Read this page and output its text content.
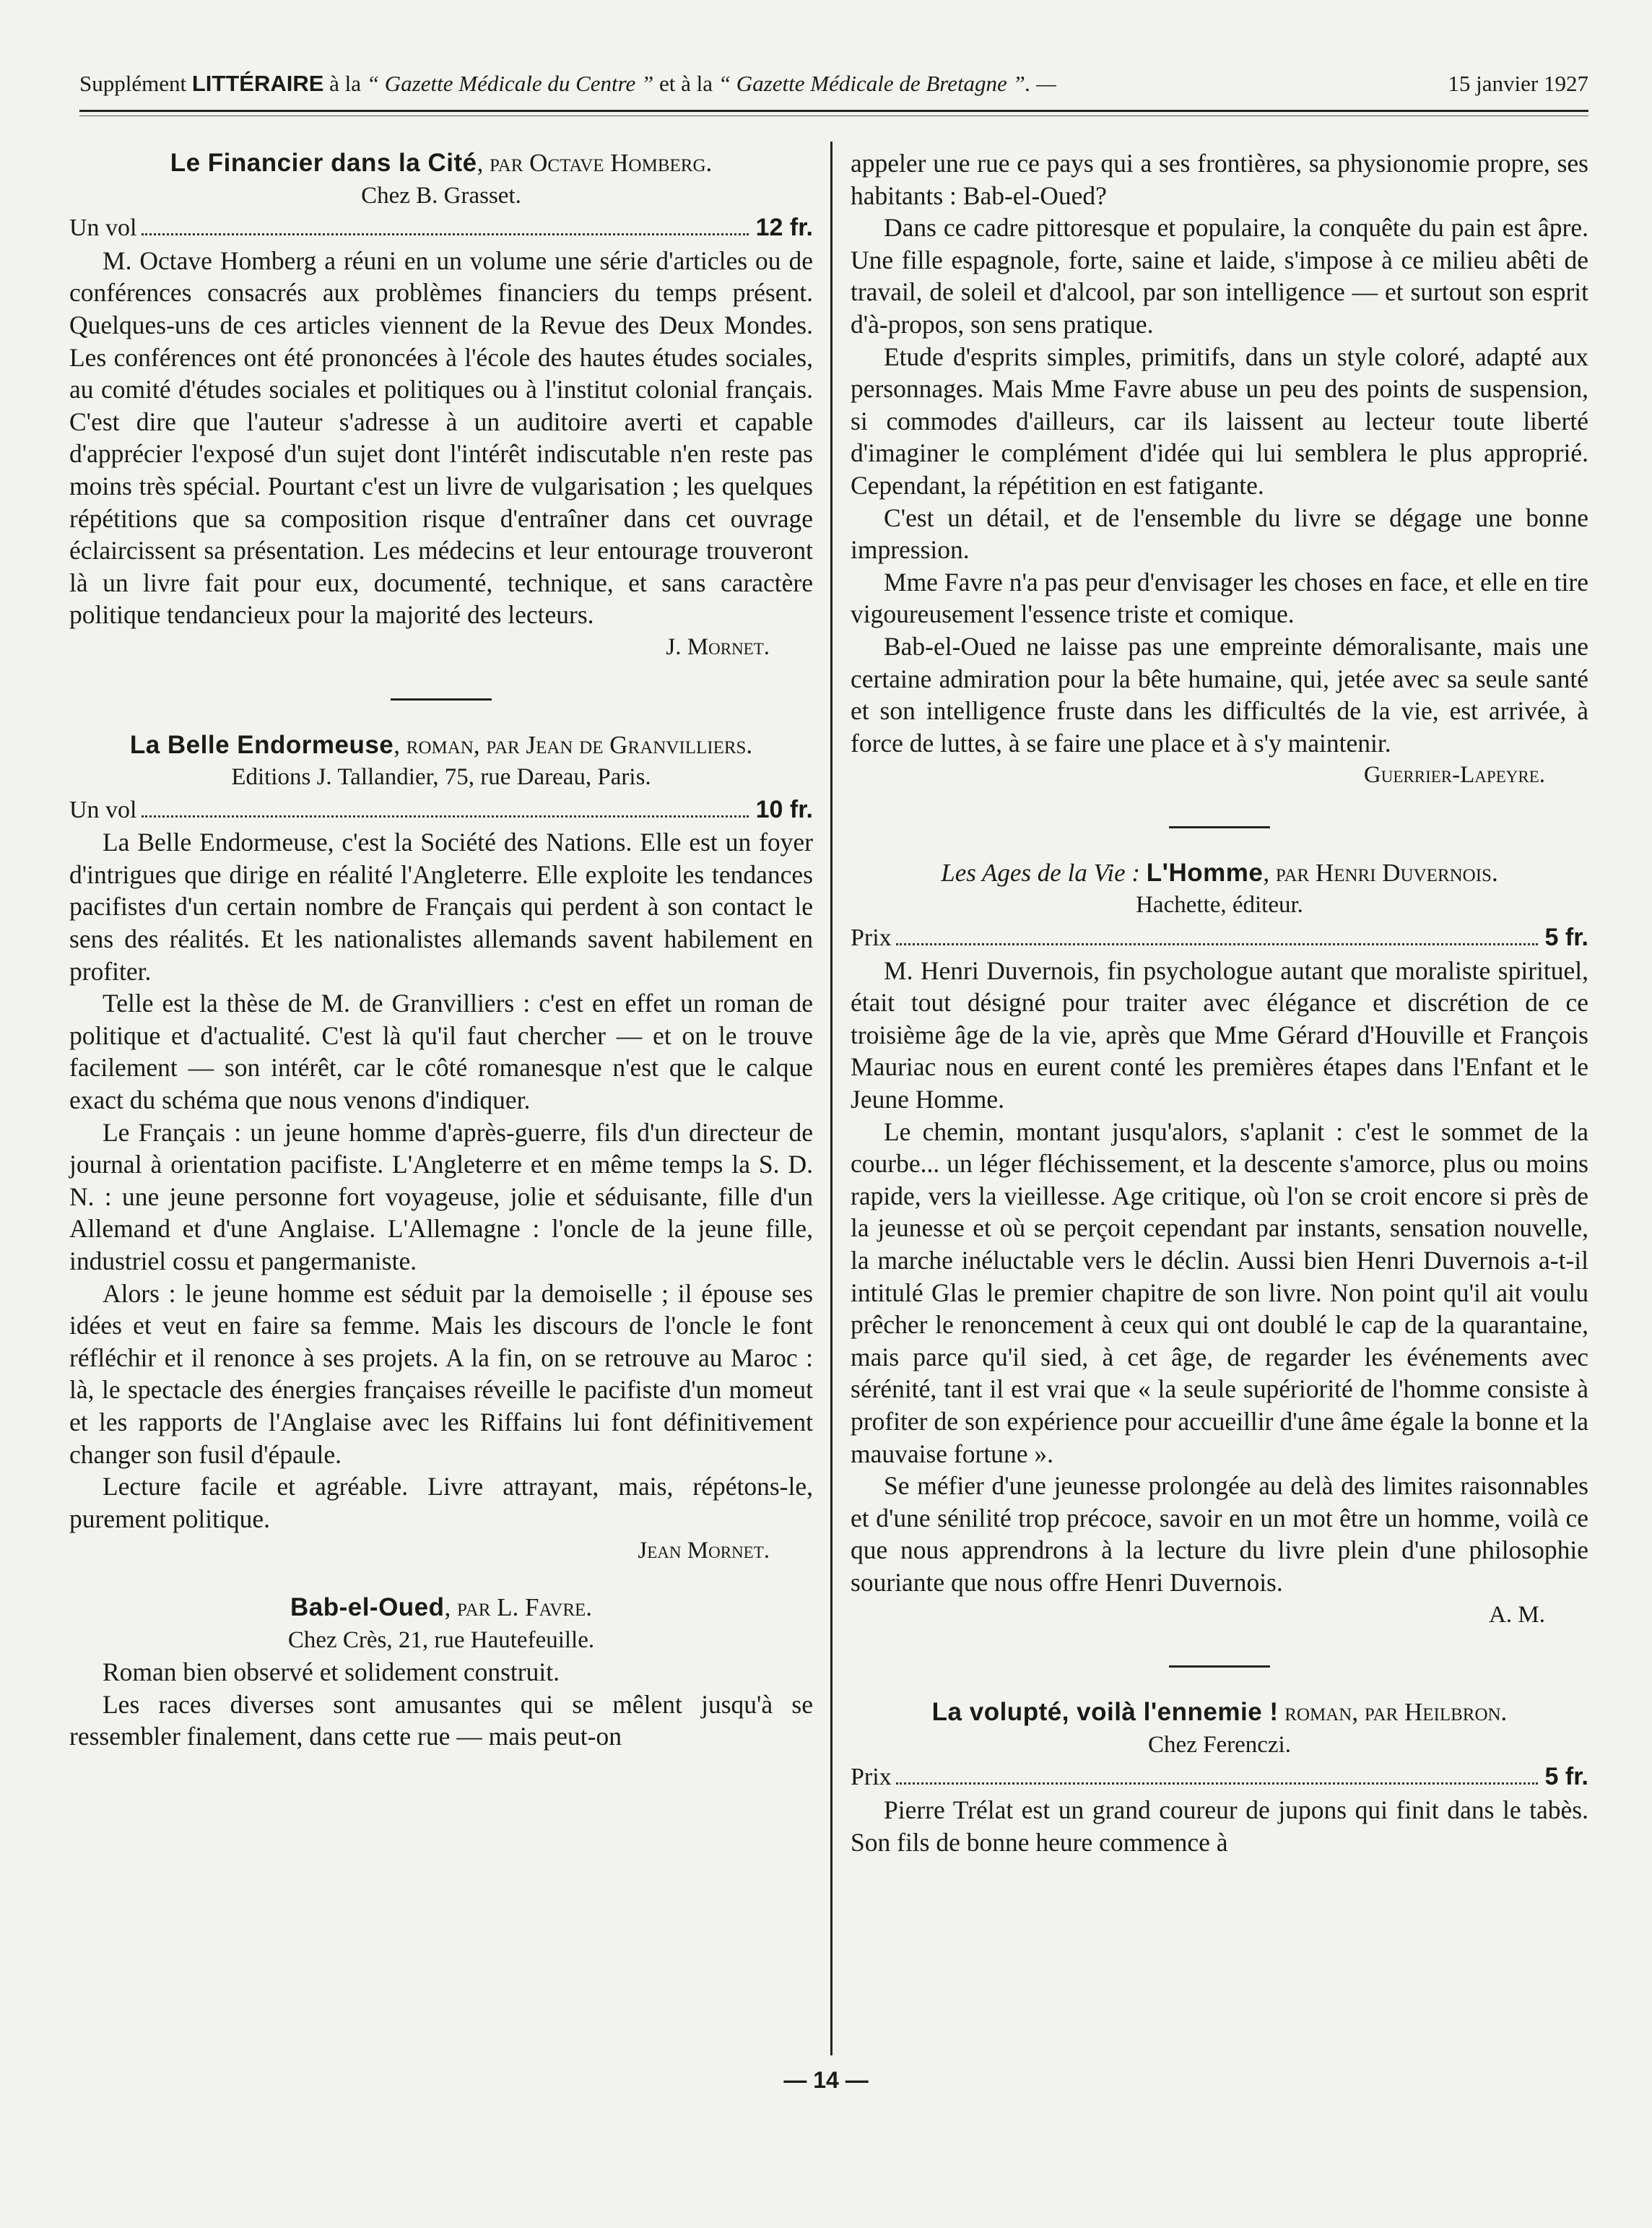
Supplément LITTÉRAIRE à la “ Gazette Médicale du Centre ” et à la “ Gazette Médicale de Bretagne ”. —	15 janvier 1927
Le Financier dans la Cité, par Octave Homberg.
Chez B. Grasset.
Un vol	12 fr.

M. Octave Homberg a réuni en un volume une série d'articles ou de conférences consacrés aux problèmes financiers du temps présent. Quelques-uns de ces articles viennent de la Revue des Deux Mondes. Les conférences ont été prononcées à l'école des hautes études sociales, au comité d'études sociales et politiques ou à l'institut colonial français. C'est dire que l'auteur s'adresse à un auditoire averti et capable d'apprécier l'exposé d'un sujet dont l'intérêt indiscutable n'en reste pas moins très spécial. Pourtant c'est un livre de vulgarisation ; les quelques répétitions que sa composition risque d'entraîner dans cet ouvrage éclaircissent sa présentation. Les médecins et leur entourage trouveront là un livre fait pour eux, documenté, technique, et sans caractère politique tendancieux pour la majorité des lecteurs.

J. Mornet.
La Belle Endormeuse, roman, par Jean de Granvilliers.
Editions J. Tallandier, 75, rue Dareau, Paris.
Un vol	10 fr.

La Belle Endormeuse, c'est la Société des Nations. Elle est un foyer d'intrigues que dirige en réalité l'Angleterre. Elle exploite les tendances pacifistes d'un certain nombre de Français qui perdent à son contact le sens des réalités. Et les nationalistes allemands savent habilement en profiter.

Telle est la thèse de M. de Granvilliers : c'est en effet un roman de politique et d'actualité. C'est là qu'il faut chercher — et on le trouve facilement — son intérêt, car le côté romanesque n'est que le calque exact du schéma que nous venons d'indiquer.

Le Français : un jeune homme d'après-guerre, fils d'un directeur de journal à orientation pacifiste. L'Angleterre et en même temps la S. D. N. : une jeune personne fort voyageuse, jolie et séduisante, fille d'un Allemand et d'une Anglaise. L'Allemagne : l'oncle de la jeune fille, industriel cossu et pangermaniste.

Alors : le jeune homme est séduit par la demoiselle ; il épouse ses idées et veut en faire sa femme. Mais les discours de l'oncle le font réfléchir et il renonce à ses projets. A la fin, on se retrouve au Maroc : là, le spectacle des énergies françaises réveille le pacifiste d'un momeut et les rapports de l'Anglaise avec les Riffains lui font définitivement changer son fusil d'épaule.

Lecture facile et agréable. Livre attrayant, mais, répétons-le, purement politique.

Jean Mornet.
Bab-el-Oued, par L. Favre.
Chez Crès, 21, rue Hautefeuille.

Roman bien observé et solidement construit.

Les races diverses sont amusantes qui se mêlent jusqu'à se ressembler finalement, dans cette rue — mais peut-on

appeler une rue ce pays qui a ses frontières, sa physionomie propre, ses habitants : Bab-el-Oued?

Dans ce cadre pittoresque et populaire, la conquête du pain est âpre. Une fille espagnole, forte, saine et laide, s'impose à ce milieu abêti de travail, de soleil et d'alcool, par son intelligence — et surtout son esprit d'à-propos, son sens pratique.

Etude d'esprits simples, primitifs, dans un style coloré, adapté aux personnages. Mais Mme Favre abuse un peu des points de suspension, si commodes d'ailleurs, car ils laissent au lecteur toute liberté d'imaginer le complément d'idée qui lui semblera le plus approprié. Cependant, la répétition en est fatigante.

C'est un détail, et de l'ensemble du livre se dégage une bonne impression.

Mme Favre n'a pas peur d'envisager les choses en face, et elle en tire vigoureusement l'essence triste et comique.

Bab-el-Oued ne laisse pas une empreinte démoralisante, mais une certaine admiration pour la bête humaine, qui, jetée avec sa seule santé et son intelligence fruste dans les difficultés de la vie, est arrivée, à force de luttes, à se faire une place et à s'y maintenir.

Guerrier-Lapeyre.
Les Ages de la Vie : L'Homme, par Henri Duvernois.
Hachette, éditeur.
Prix	5 fr.

M. Henri Duvernois, fin psychologue autant que moraliste spirituel, était tout désigné pour traiter avec élégance et discrétion de ce troisième âge de la vie, après que Mme Gérard d'Houville et François Mauriac nous en eurent conté les premières étapes dans l'Enfant et le Jeune Homme.

Le chemin, montant jusqu'alors, s'aplanit : c'est le sommet de la courbe... un léger fléchissement, et la descente s'amorce, plus ou moins rapide, vers la vieillesse. Age critique, où l'on se croit encore si près de la jeunesse et où se perçoit cependant par instants, sensation nouvelle, la marche inéluctable vers le déclin. Aussi bien Henri Duvernois a-t-il intitulé Glas le premier chapitre de son livre. Non point qu'il ait voulu prêcher le renoncement à ceux qui ont doublé le cap de la quarantaine, mais parce qu'il sied, à cet âge, de regarder les événements avec sérénité, tant il est vrai que « la seule supériorité de l'homme consiste à profiter de son expérience pour accueillir d'une âme égale la bonne et la mauvaise fortune ».

Se méfier d'une jeunesse prolongée au delà des limites raisonnables et d'une sénilité trop précoce, savoir en un mot être un homme, voilà ce que nous apprendrons à la lecture du livre plein d'une philosophie souriante que nous offre Henri Duvernois.

A. M.
La volupté, voilà l'ennemie ! roman, par Heilbron.
Chez Ferenczi.
Prix	5 fr.

Pierre Trélat est un grand coureur de jupons qui finit dans le tabès. Son fils de bonne heure commence à

— 14 —
